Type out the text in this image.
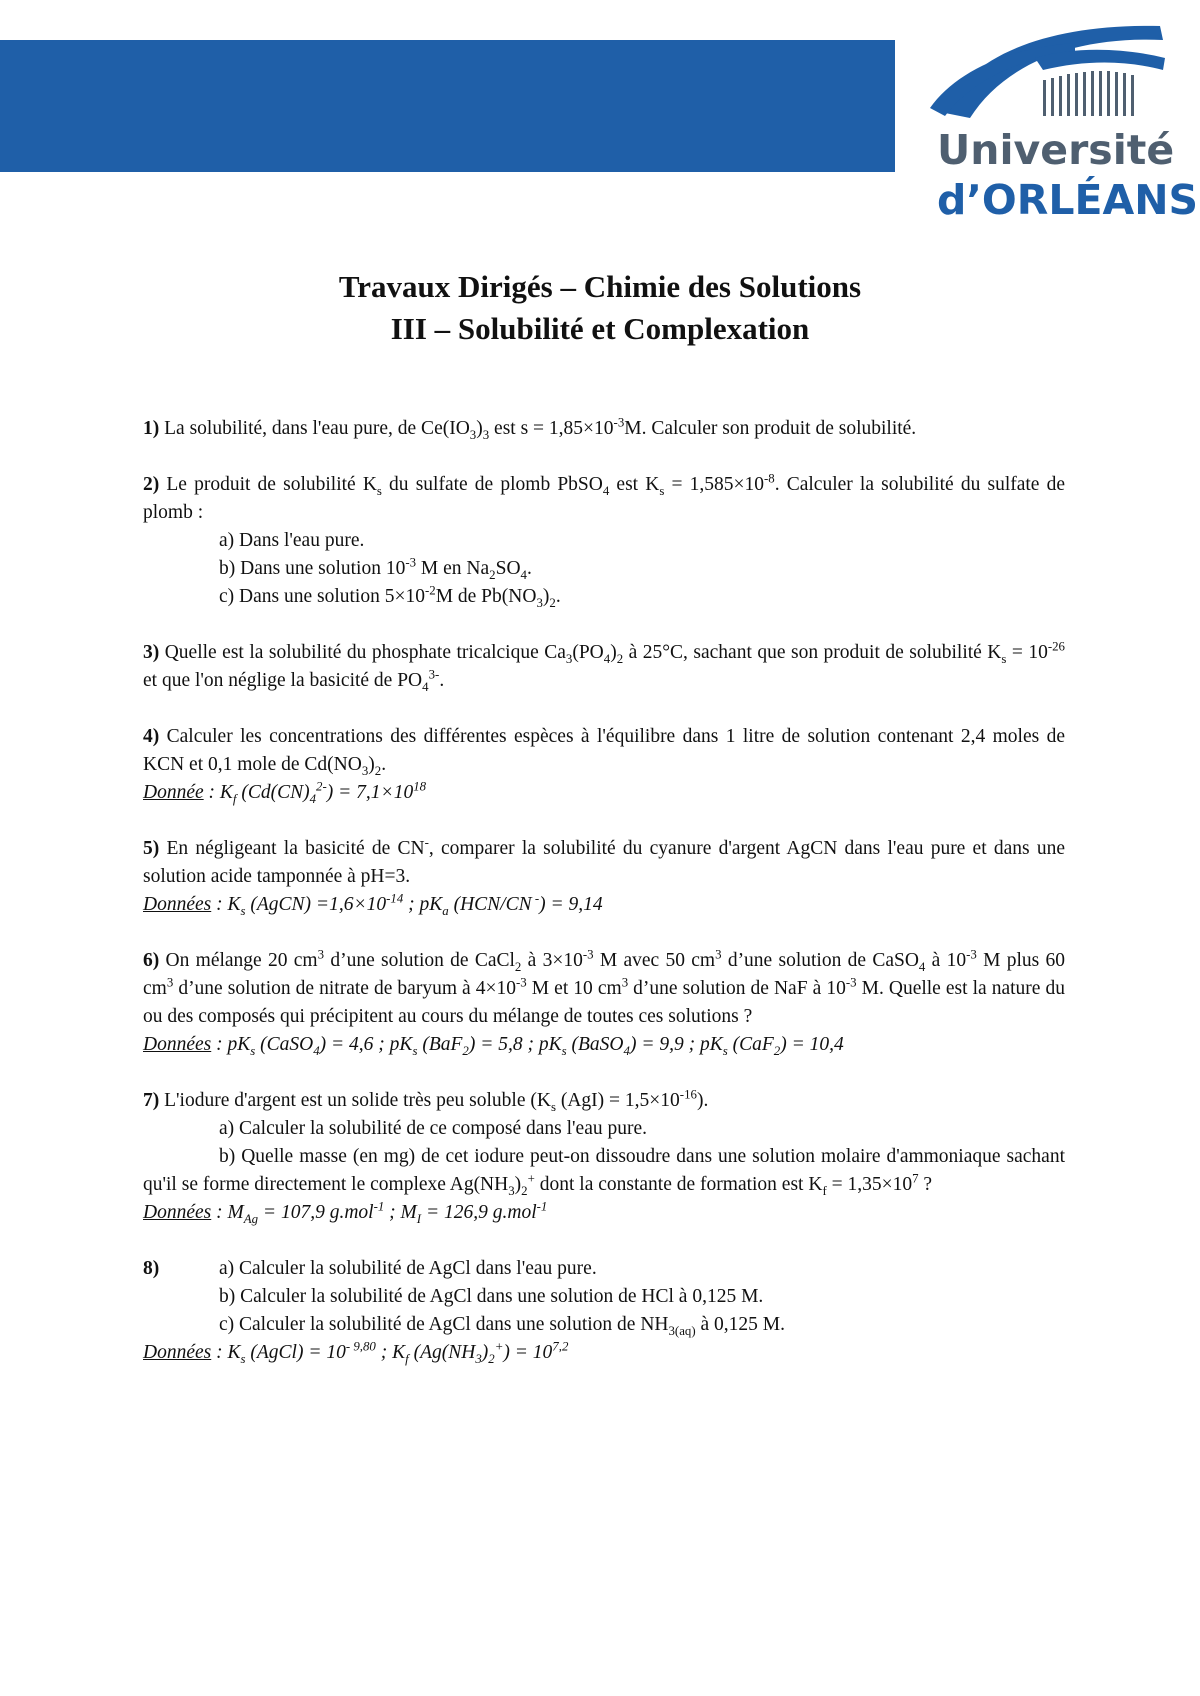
Université
d’ORLÉANS
Travaux Dirigés – Chimie des Solutions
III – Solubilité et Complexation

1) La solubilité, dans l'eau pure, de $Ce(IO_3)_3$ est $s = 1,85\times 10^{-3}M$. Calculer son produit de solubilité.

2) Le produit de solubilité $K_s$ du sulfate de plomb PbSO$_4$ est $K_s = 1,585\times 10^{-8}$. Calculer la solubilité du sulfate de plomb :

a) Dans l'eau pure.

b) Dans une solution $10^{-3}$ M en $Na_2SO_4$.

c) Dans une solution $5\times 10^{-2}M$ de $Pb(NO_3)_2$.

3) Quelle est la solubilité du phosphate tricalcique $Ca_3(PO_4)_2$ à 25°C, sachant que son produit de solubilité $K_s = 10^{-26}$ et que l'on néglige la basicité de $PO_4^{3-}$.

4) Calculer les concentrations des différentes espèces à l'équilibre dans 1 litre de solution contenant 2,4 moles de KCN et 0,1 mole de $Cd(NO_3)_2$.

Donnée : $K_f$ $(Cd(CN)_4^{2-}) = 7,1\times 10^{18}$

5) En négligeant la basicité de CN-, comparer la solubilité du cyanure d'argent AgCN dans l'eau pure et dans une solution acide tamponnée à pH=3.

Données : $K_s$ (AgCN) $=1,6\times 10^{-14}$ ; $pK_a$ (HCN/CN -) = 9,14

6) On mélange 20 $cm^3$ d’une solution de CaCl$_2$ à $3\times 10^{-3}$ M avec 50 $cm^3$ d’une solution de CaSO$_4$ à $10^{-3}$ M plus 60 $cm^3$ d’une solution de nitrate de baryum à $4\times 10^{-3}$ M et 10 $cm^3$ d’une solution de NaF à $10^{-3}$ M. Quelle est la nature du ou des composés qui précipitent au cours du mélange de toutes ces solutions ?

Données : $pK_s$ (CaSO$_4$) = 4,6 ; $pK_s$ (BaF$_2$) = 5,8 ; $pK_s$ (BaSO$_4$) = 9,9 ; $pK_s$ (CaF$_2$) = 10,4

7) L'iodure d'argent est un solide très peu soluble ($K_s$ $(AgI) = 1,5\times 10^{-16}$).

a) Calculer la solubilité de ce composé dans l'eau pure.

b) Quelle masse (en mg) de cet iodure peut-on dissoudre dans une solution molaire d'ammoniaque sachant qu'il se forme directement le complexe $Ag(NH_3)_2^+$ dont la constante de formation est $K_f = 1,35\times 10^7$ ?

Données : $M_{Ag} = 107,9$ g.mol$^{-1}$ ; $M_I = 126,9$ g.mol$^{-1}$

8)	a) Calculer la solubilité de AgCl dans l'eau pure.

b) Calculer la solubilité de AgCl dans une solution de HCl à 0,125 M.

c) Calculer la solubilité de AgCl dans une solution de $NH_{3(aq)}$ à 0,125 M.

Données : $K_s$ (AgCl) = $10^{- 9,80}$ ; $K_f$ $(Ag(NH_3)_2^+) = 10^{7,2}$
